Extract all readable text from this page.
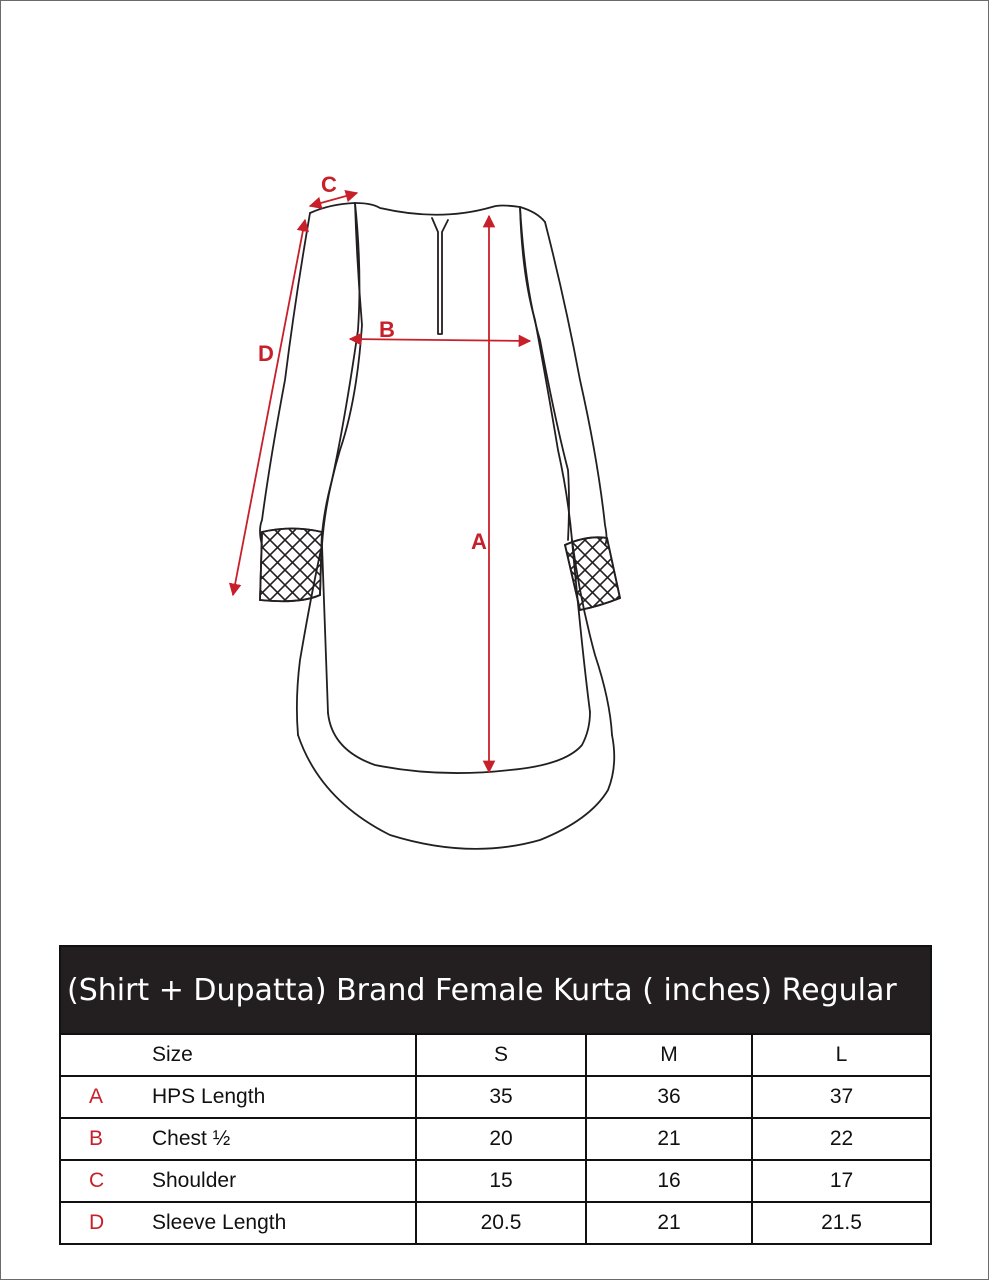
A
B
C
D
(Shirt + Dupatta) Brand Female Kurta ( inches) Regular				
	Size	S	M	L
A	HPS Length	35	36	37
B	Chest ½	20	21	22
C	Shoulder	15	16	17
D	Sleeve Length	20.5	21	21.5
